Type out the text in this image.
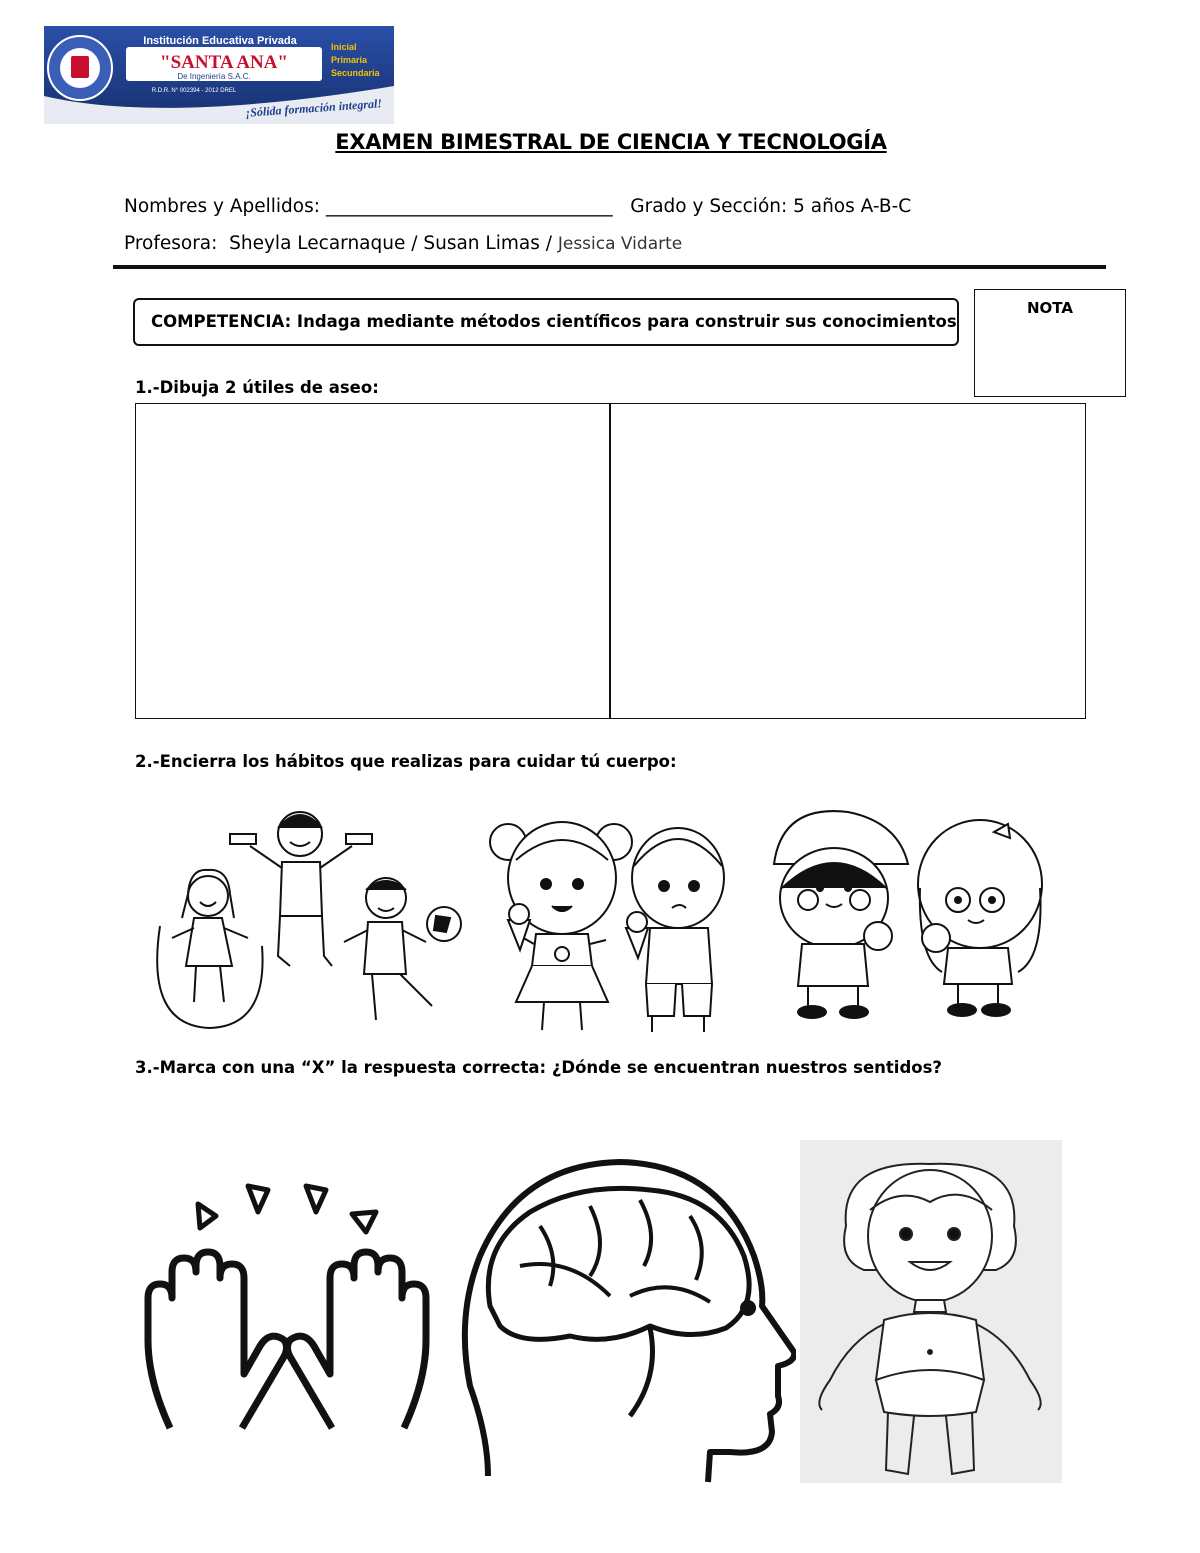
Institución Educativa Privada
"SANTA ANA"
De Ingeniería S.A.C.
R.D.R. N° 002394 - 2012 DREL
Inicial
Primaria
Secundaria
¡Sólida formación integral!
EXAMEN BIMESTRAL DE CIENCIA Y TECNOLOGÍA
Nombres y Apellidos: _______________________________ Grado y Sección: 5 años A-B-C
Profesora:  Sheyla Lecarnaque / Susan Limas / Jessica Vidarte
COMPETENCIA: Indaga mediante métodos científicos para construir sus conocimientos
NOTA
1.-Dibuja 2 útiles de aseo:
2.-Encierra los hábitos que realizas para cuidar tú cuerpo:
3.-Marca con una “X” la respuesta correcta: ¿Dónde se encuentran nuestros sentidos?
